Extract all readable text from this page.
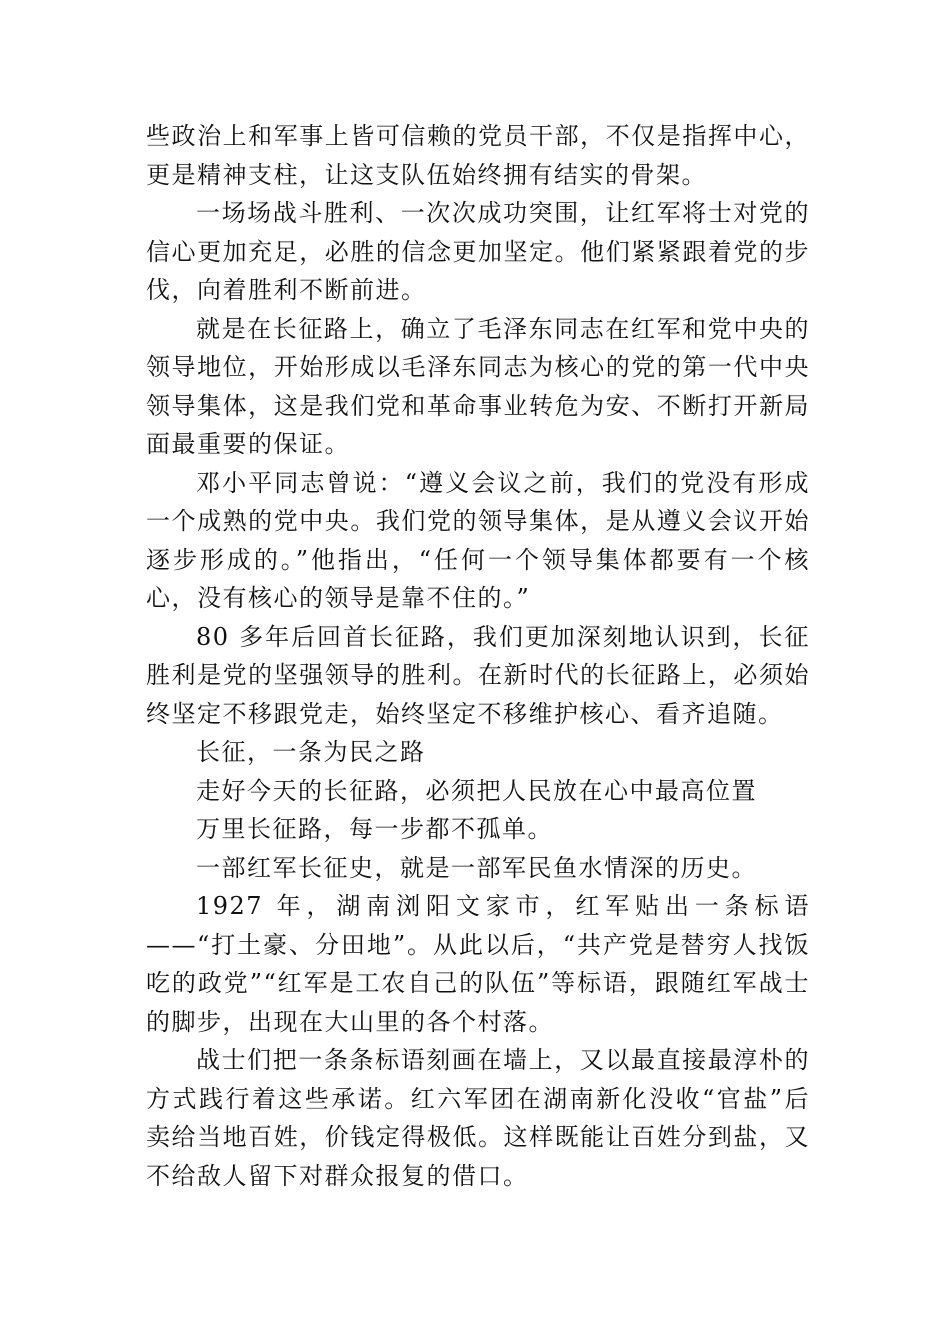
些政治上和军事上皆可信赖的党员干部，不仅是指挥中心，更是精神支柱，让这支队伍始终拥有结实的骨架。

一场场战斗胜利、一次次成功突围，让红军将士对党的信心更加充足，必胜的信念更加坚定。他们紧紧跟着党的步伐，向着胜利不断前进。

就是在长征路上，确立了毛泽东同志在红军和党中央的领导地位，开始形成以毛泽东同志为核心的党的第一代中央领导集体，这是我们党和革命事业转危为安、不断打开新局面最重要的保证。

邓小平同志曾说：“遵义会议之前，我们的党没有形成一个成熟的党中央。我们党的领导集体，是从遵义会议开始逐步形成的。”他指出，“任何一个领导集体都要有一个核心，没有核心的领导是靠不住的。”

80 多年后回首长征路，我们更加深刻地认识到，长征胜利是党的坚强领导的胜利。在新时代的长征路上，必须始终坚定不移跟党走，始终坚定不移维护核心、看齐追随。

长征，一条为民之路

走好今天的长征路，必须把人民放在心中最高位置

万里长征路，每一步都不孤单。

一部红军长征史，就是一部军民鱼水情深的历史。

1927 年，湖南浏阳文家市，红军贴出一条标语——“打土豪、分田地”。从此以后，“共产党是替穷人找饭吃的政党”“红军是工农自己的队伍”等标语，跟随红军战士的脚步，出现在大山里的各个村落。

战士们把一条条标语刻画在墙上，又以最直接最淳朴的方式践行着这些承诺。红六军团在湖南新化没收“官盐”后卖给当地百姓，价钱定得极低。这样既能让百姓分到盐，又不给敌人留下对群众报复的借口。
